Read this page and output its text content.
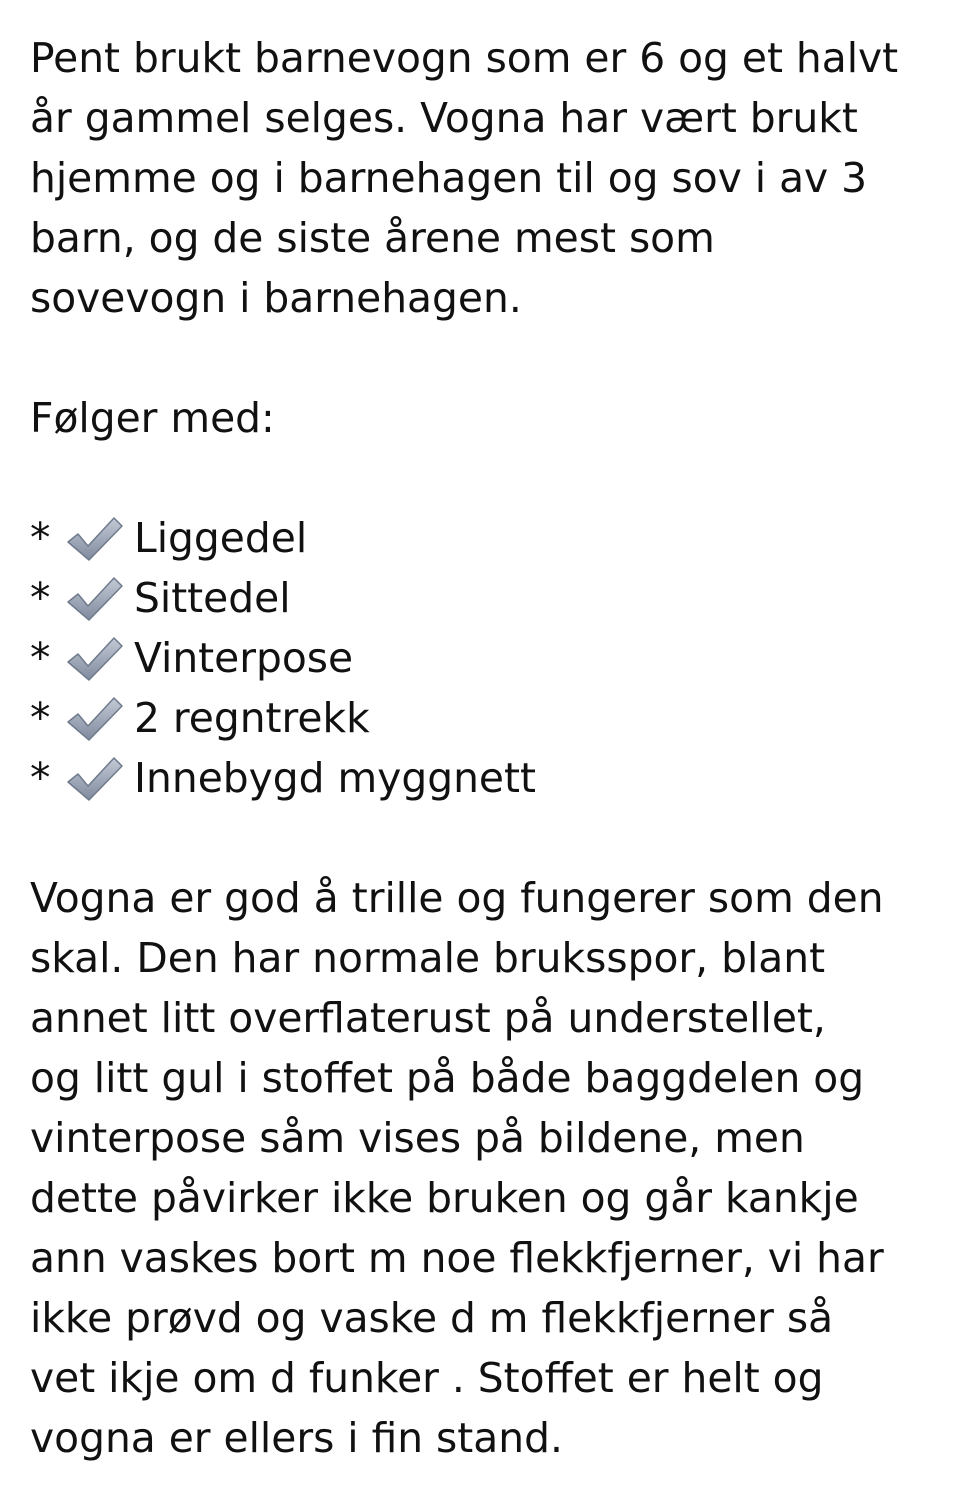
Pent brukt barnevogn som er 6 og et halvt
år gammel selges. Vogna har vært brukt
hjemme og i barnehagen til og sov i av 3
barn, og de siste årene mest som
sovevogn i barnehagen.
Følger med:
* Liggedel
* Sittedel
* Vinterpose
* 2 regntrekk
* Innebygd myggnett
Vogna er god å trille og fungerer som den
skal. Den har normale bruksspor, blant
annet litt overflaterust på understellet,
og litt gul i stoffet på både baggdelen og
vinterpose såm vises på bildene, men
dette påvirker ikke bruken og går kankje
ann vaskes bort m noe flekkfjerner, vi har
ikke prøvd og vaske d m flekkfjerner så
vet ikje om d funker . Stoffet er helt og
vogna er ellers i fin stand.
